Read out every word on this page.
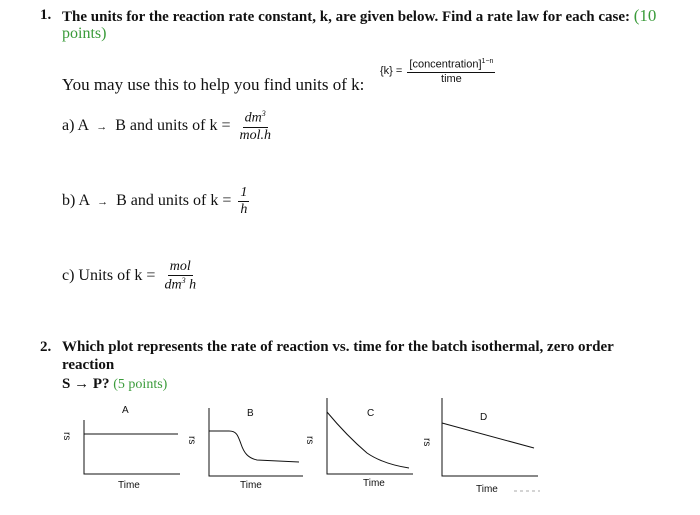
1. The units for the reaction rate constant, k, are given below. Find a rate law for each case: (10
points)
$\{k\} = \frac{[concentration]^{1-n}}{\text{time}}$
You may use this to help you find units of k:
a) A → B and units of $k = \frac{dm^3}{\text{mol.h}}$
b) A → B and units of $k = \frac{1}{h}$
c) Units of $k = \frac{\text{mol}}{dm^3 h}$
2. Which plot represents the rate of reaction vs. time for the batch isothermal, zero order
reaction
S → P? (5 points)
A
rs
Time
B
rs
Time
C
rs
Time
D
rs
Time
